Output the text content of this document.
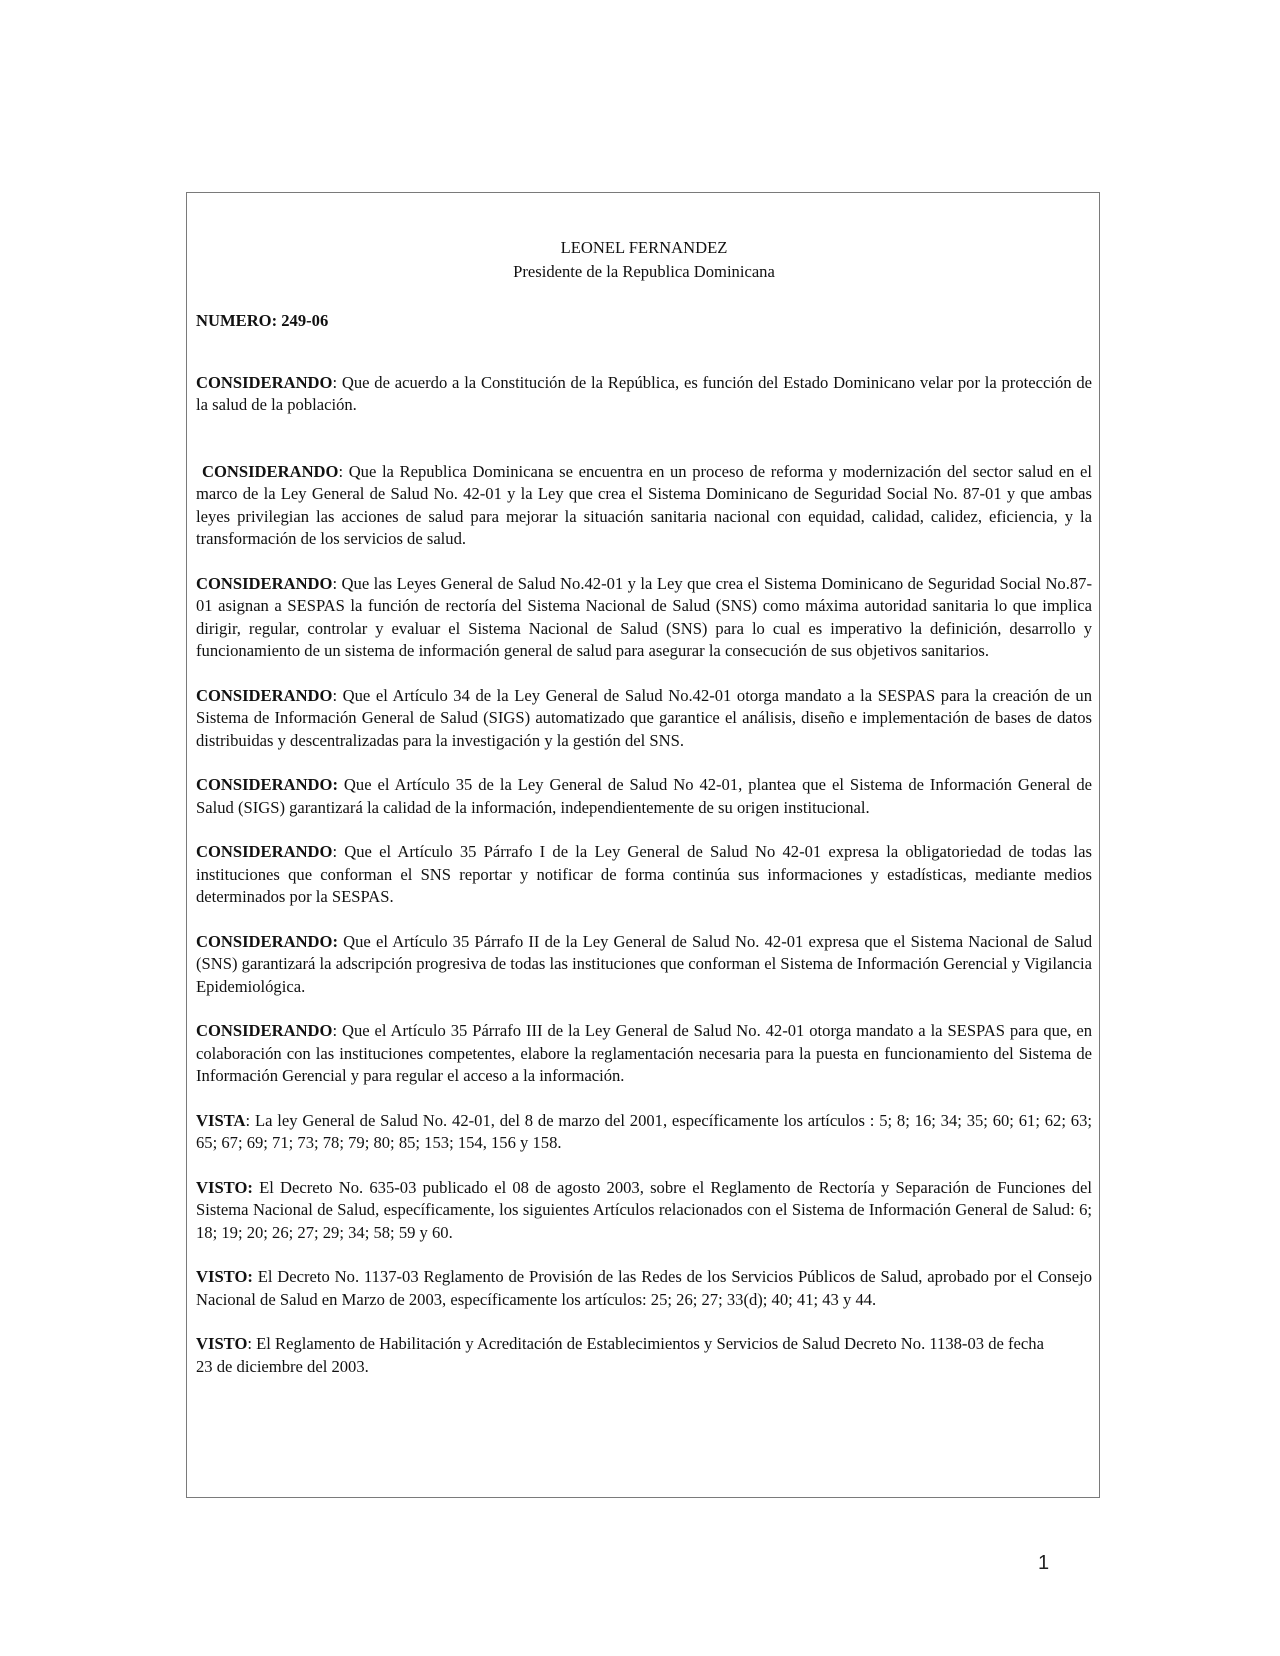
LEONEL FERNANDEZ
Presidente de la Republica Dominicana
NUMERO: 249-06

CONSIDERANDO: Que de acuerdo a la Constitución de la República, es función del Estado Dominicano velar por la protección de la salud de la población.

CONSIDERANDO: Que la Republica Dominicana se encuentra en un proceso de reforma y modernización del sector salud en el marco de la Ley General de Salud No. 42-01 y la Ley que crea el Sistema Dominicano de Seguridad Social No. 87-01 y que ambas leyes privilegian las acciones de salud para mejorar la situación sanitaria nacional con equidad, calidad, calidez, eficiencia, y la transformación de los servicios de salud.

CONSIDERANDO: Que las Leyes General de Salud No.42-01 y la Ley que crea el Sistema Dominicano de Seguridad Social No.87-01 asignan a SESPAS la función de rectoría del Sistema Nacional de Salud (SNS) como máxima autoridad sanitaria lo que implica dirigir, regular, controlar y evaluar el Sistema Nacional de Salud (SNS) para lo cual es imperativo la definición, desarrollo y funcionamiento de un sistema de información general de salud para asegurar la consecución de sus objetivos sanitarios.

CONSIDERANDO: Que el Artículo 34 de la Ley General de Salud No.42-01 otorga mandato a la SESPAS para la creación de un Sistema de Información General de Salud (SIGS) automatizado que garantice el análisis, diseño e implementación de bases de datos distribuidas y descentralizadas para la investigación y la gestión del SNS.

CONSIDERANDO: Que el Artículo 35 de la Ley General de Salud No 42-01, plantea que el Sistema de Información General de Salud (SIGS) garantizará la calidad de la información, independientemente de su origen institucional.

CONSIDERANDO: Que el Artículo 35 Párrafo I de la Ley General de Salud No 42-01 expresa la obligatoriedad de todas las instituciones que conforman el SNS reportar y notificar de forma continúa sus informaciones y estadísticas, mediante medios determinados por la SESPAS.

CONSIDERANDO: Que el Artículo 35 Párrafo II de la Ley General de Salud No. 42-01 expresa que el Sistema Nacional de Salud (SNS) garantizará la adscripción progresiva de todas las instituciones que conforman el Sistema de Información Gerencial y Vigilancia Epidemiológica.

CONSIDERANDO: Que el Artículo 35 Párrafo III de la Ley General de Salud No. 42-01 otorga mandato a la SESPAS para que, en colaboración con las instituciones competentes, elabore la reglamentación necesaria para la puesta en funcionamiento del Sistema de Información Gerencial y para regular el acceso a la información.

VISTA: La ley General de Salud No. 42-01, del 8 de marzo del 2001, específicamente los artículos : 5; 8; 16; 34; 35; 60; 61; 62; 63; 65; 67; 69; 71; 73; 78; 79; 80; 85; 153; 154, 156 y 158.

VISTO: El Decreto No. 635-03 publicado el 08 de agosto 2003, sobre el Reglamento de Rectoría y Separación de Funciones del Sistema Nacional de Salud, específicamente, los siguientes Artículos relacionados con el Sistema de Información General de Salud: 6; 18; 19; 20; 26; 27; 29; 34; 58; 59 y 60.

VISTO: El Decreto No. 1137-03 Reglamento de Provisión de las Redes de los Servicios Públicos de Salud, aprobado por el Consejo Nacional de Salud en Marzo de 2003, específicamente los artículos: 25; 26; 27; 33(d); 40; 41; 43 y 44.

VISTO: El Reglamento de Habilitación y Acreditación de Establecimientos y Servicios de Salud Decreto No. 1138-03 de fecha 23 de diciembre del 2003.

1
